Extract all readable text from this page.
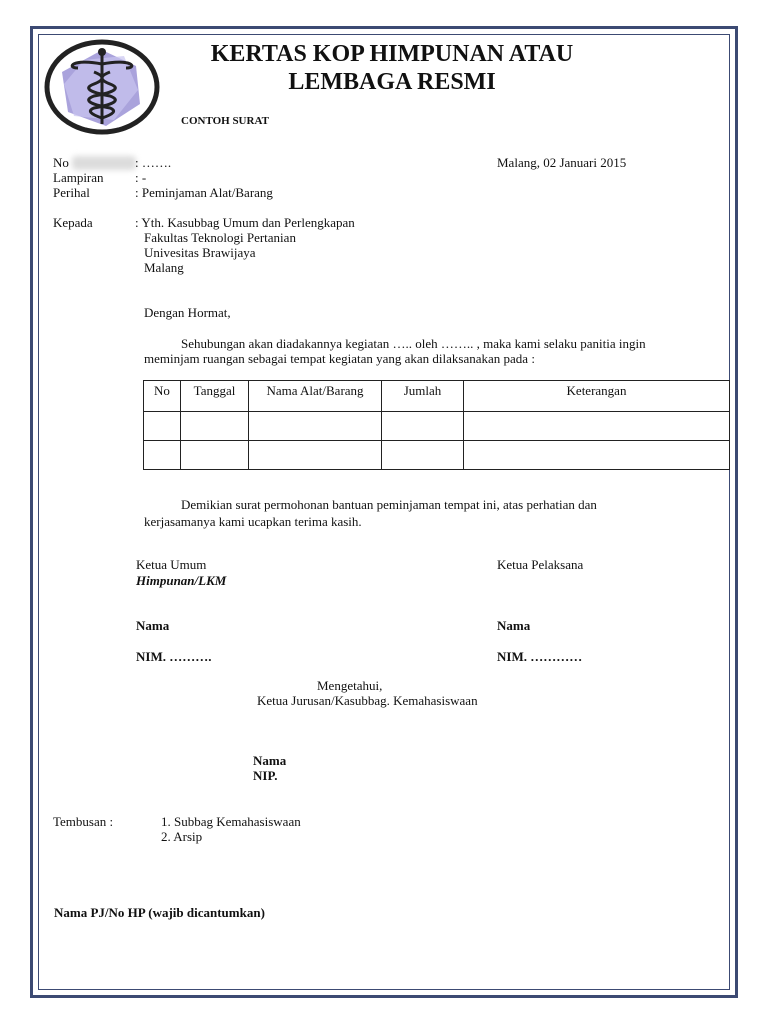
KERTAS KOP HIMPUNAN ATAU
LEMBAGA RESMI
CONTOH SURAT
No	: …….	Malang, 02 Januari 2015
Lampiran : -
Perihal	: Peminjaman Alat/Barang
Kepada	: Yth. Kasubbag Umum dan Perlengkapan
Fakultas Teknologi Pertanian
Univesitas Brawijaya
Malang
Dengan Hormat,
Sehubungan akan diadakannya kegiatan ….. oleh …….. , maka kami selaku panitia ingin
meminjam ruangan sebagai tempat kegiatan yang akan dilaksanakan pada :
No	Tanggal	Nama Alat/Barang	Jumlah	Keterangan

Demikian surat permohonan bantuan peminjaman tempat ini, atas perhatian dan
kerjasamanya kami ucapkan terima kasih.
Ketua Umum
Himpunan/LKM
Ketua Pelaksana
Nama	Nama
NIM. ……….	NIM. …………
Mengetahui,
Ketua Jurusan/Kasubbag. Kemahasiswaan
Nama
NIP.
Tembusan :	1. Subbag Kemahasiswaan
2. Arsip
Nama PJ/No HP (wajib dicantumkan)
